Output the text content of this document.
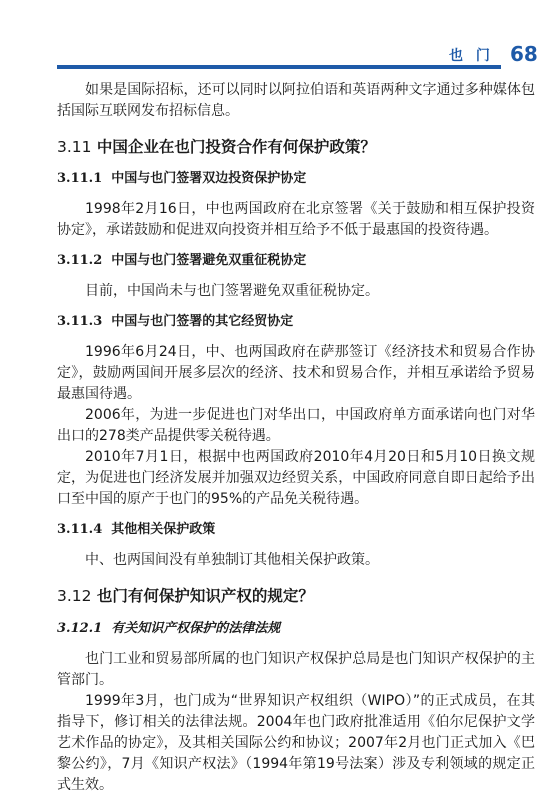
也 门 68

如果是国际招标，还可以同时以阿拉伯语和英语两种文字通过多种媒体包括国际互联网发布招标信息。

3.11 中国企业在也门投资合作有何保护政策？
3.11.1 中国与也门签署双边投资保护协定

1998年2月16日，中也两国政府在北京签署《关于鼓励和相互保护投资协定》，承诺鼓励和促进双向投资并相互给予不低于最惠国的投资待遇。

3.11.2 中国与也门签署避免双重征税协定

目前，中国尚未与也门签署避免双重征税协定。

3.11.3 中国与也门签署的其它经贸协定

1996年6月24日，中、也两国政府在萨那签订《经济技术和贸易合作协定》，鼓励两国间开展多层次的经济、技术和贸易合作，并相互承诺给予贸易最惠国待遇。

2006年，为进一步促进也门对华出口，中国政府单方面承诺向也门对华出口的278类产品提供零关税待遇。

2010年7月1日，根据中也两国政府2010年4月20日和5月10日换文规定，为促进也门经济发展并加强双边经贸关系，中国政府同意自即日起给予出口至中国的原产于也门的95%的产品免关税待遇。

3.11.4 其他相关保护政策

中、也两国间没有单独制订其他相关保护政策。

3.12 也门有何保护知识产权的规定？
3.12.1 有关知识产权保护的法律法规

也门工业和贸易部所属的也门知识产权保护总局是也门知识产权保护的主管部门。

1999年3月，也门成为“世界知识产权组织（WIPO）”的正式成员，在其指导下，修订相关的法律法规。2004年也门政府批准适用《伯尔尼保护文学艺术作品的协定》，及其相关国际公约和协议；2007年2月也门正式加入《巴黎公约》，7月《知识产权法》（1994年第19号法案）涉及专利领域的规定正式生效。
